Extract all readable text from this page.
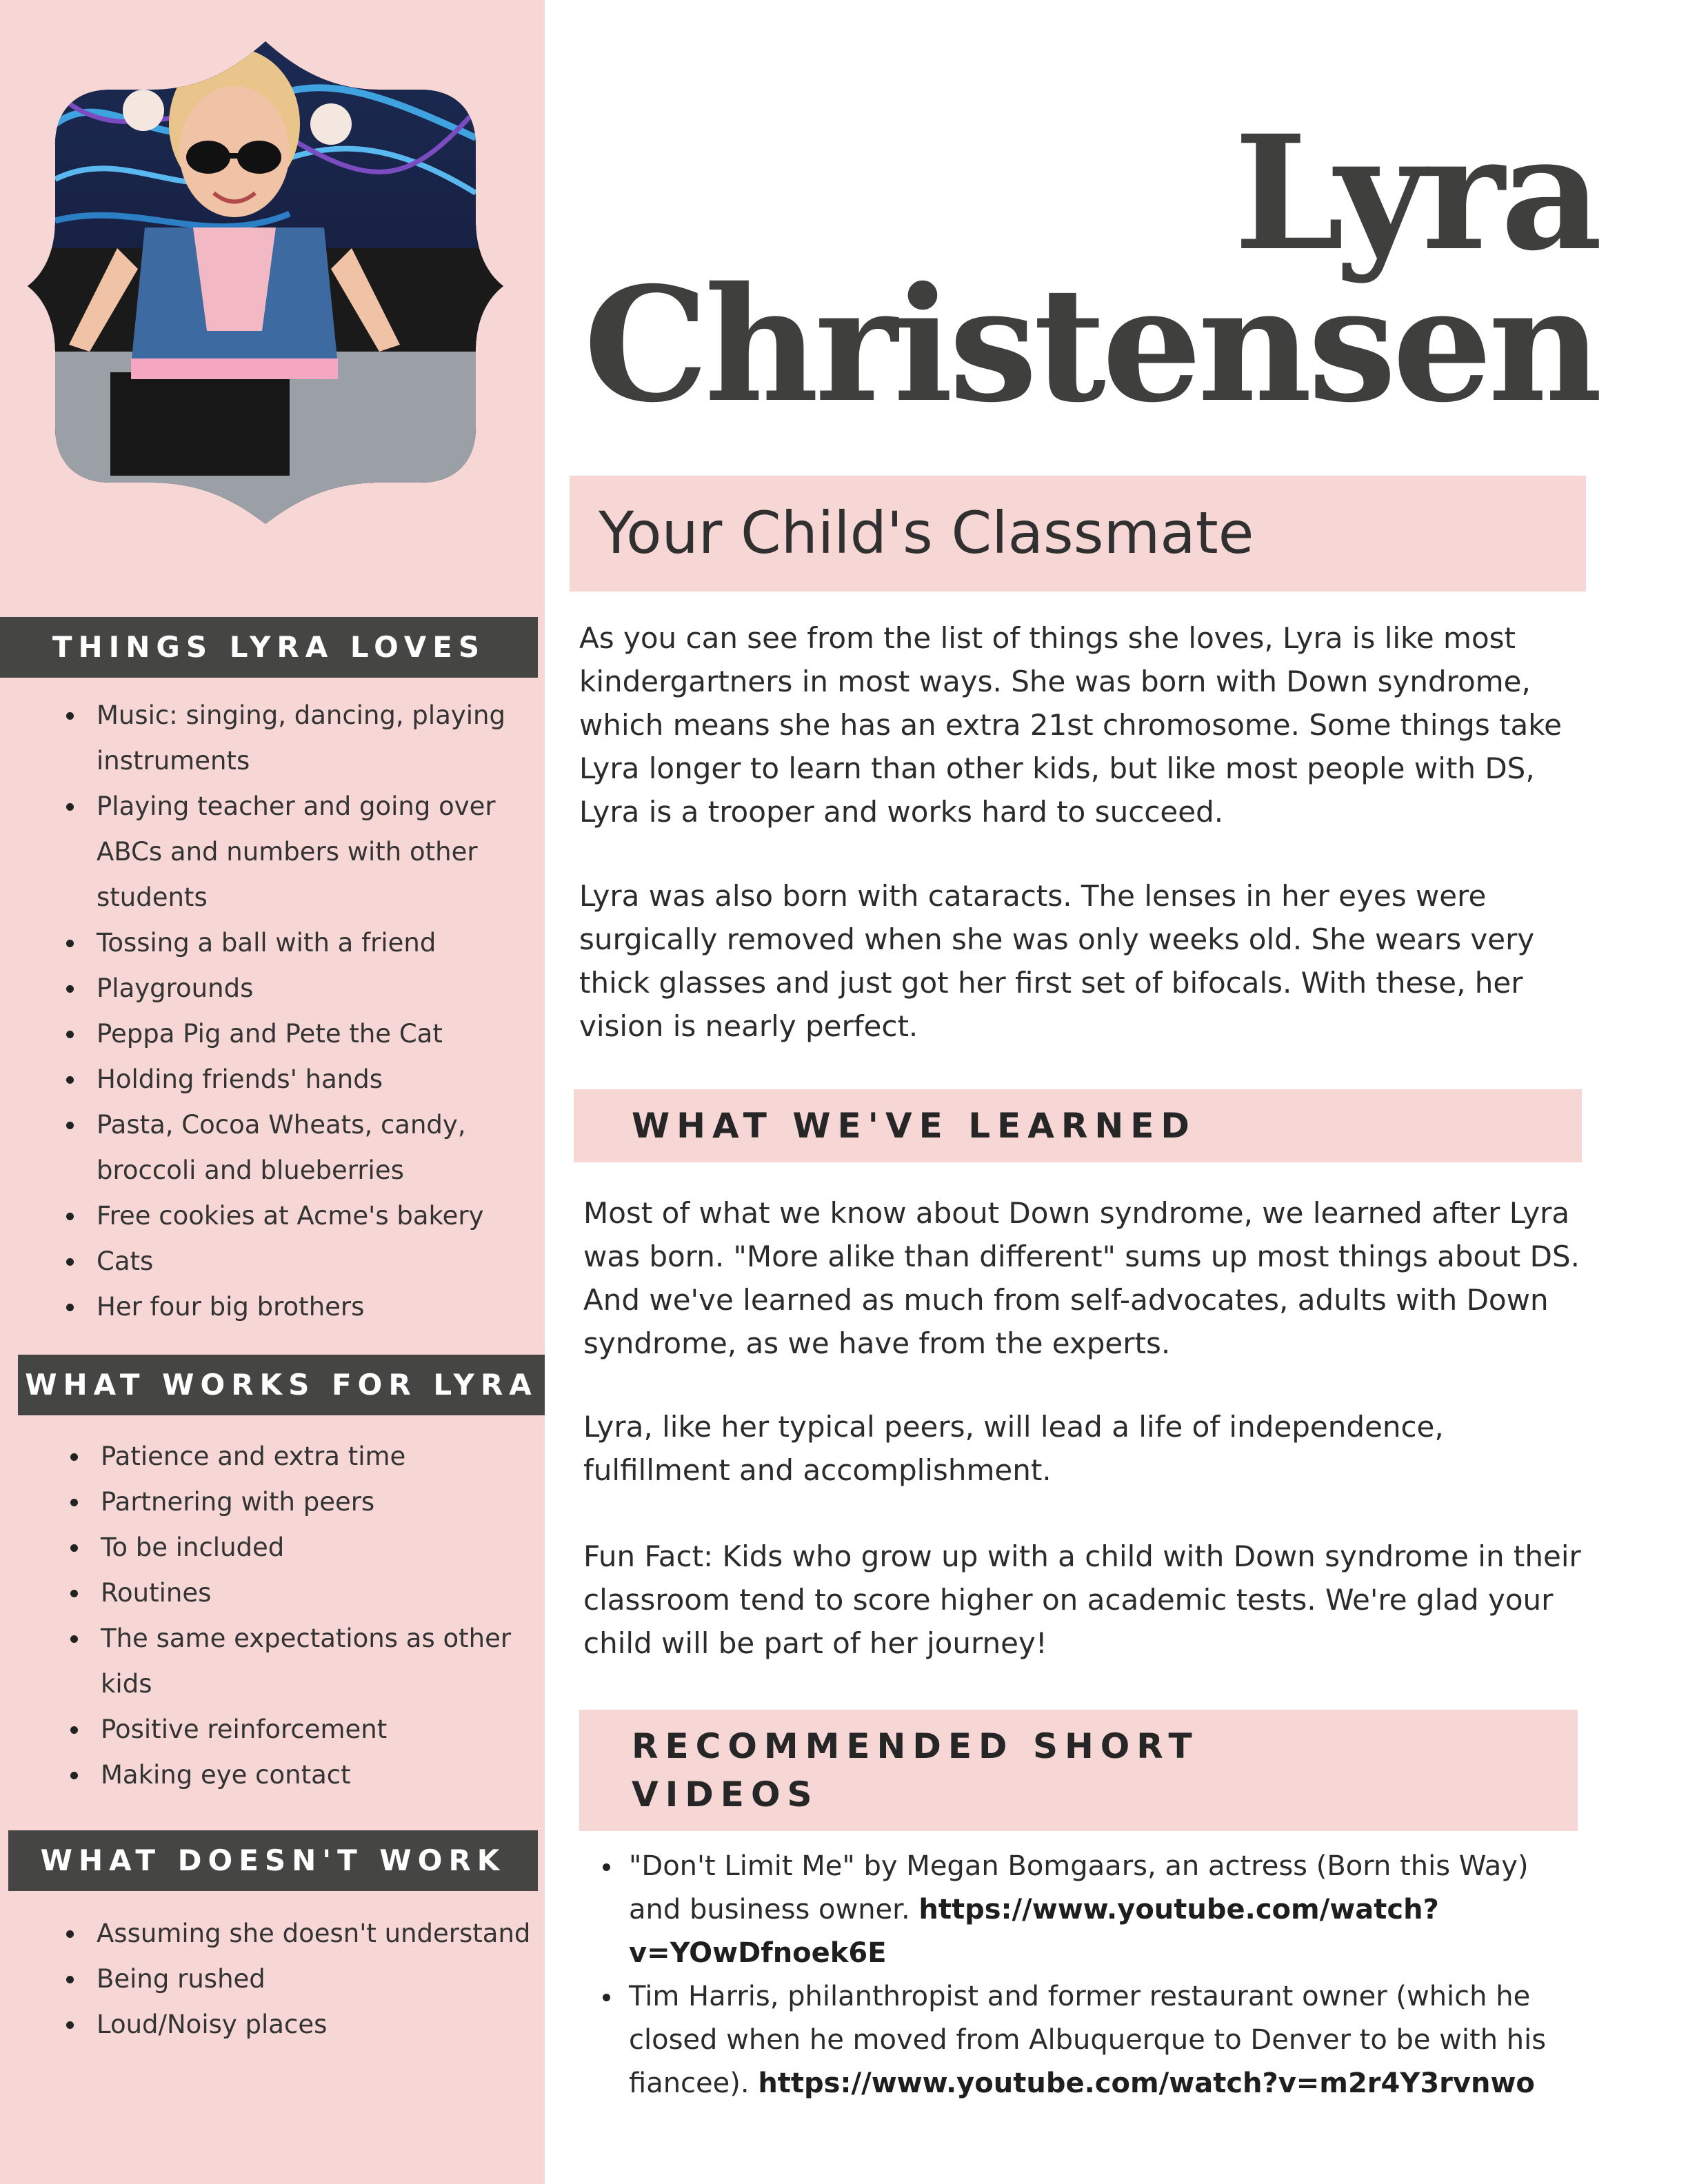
THINGS LYRA LOVES
Music: singing, dancing, playing instruments
Playing teacher and going over ABCs and numbers with other students
Tossing a ball with a friend
Playgrounds
Peppa Pig and Pete the Cat
Holding friends' hands
Pasta, Cocoa Wheats, candy, broccoli and blueberries
Free cookies at Acme's bakery
Cats
Her four big brothers
WHAT WORKS FOR LYRA
Patience and extra time
Partnering with peers
To be included
Routines
The same expectations as other kids
Positive reinforcement
Making eye contact
WHAT DOESN'T WORK
Assuming she doesn't understand
Being rushed
Loud/Noisy places
Lyra
Christensen
Your Child's Classmate

As you can see from the list of things she loves, Lyra is like most kindergartners in most ways. She was born with Down syndrome, which means she has an extra 21st chromosome. Some things take Lyra longer to learn than other kids, but like most people with DS, Lyra is a trooper and works hard to succeed.

Lyra was also born with cataracts. The lenses in her eyes were surgically removed when she was only weeks old. She wears very thick glasses and just got her first set of bifocals. With these, her vision is nearly perfect.

WHAT WE'VE LEARNED

Most of what we know about Down syndrome, we learned after Lyra was born. "More alike than different" sums up most things about DS. And we've learned as much from self-advocates, adults with Down syndrome, as we have from the experts.

Lyra, like her typical peers, will lead a life of independence, fulfillment and accomplishment.

Fun Fact: Kids who grow up with a child with Down syndrome in their classroom tend to score higher on academic tests. We're glad your child will be part of her journey!

RECOMMENDED SHORT
VIDEOS
"Don't Limit Me" by Megan Bomgaars, an actress (Born this Way) and business owner. https://www.youtube.com/watch?v=YOwDfnoek6E
Tim Harris, philanthropist and former restaurant owner (which he closed when he moved from Albuquerque to Denver to be with his fiancee). https://www.youtube.com/watch?v=m2r4Y3rvnwo
